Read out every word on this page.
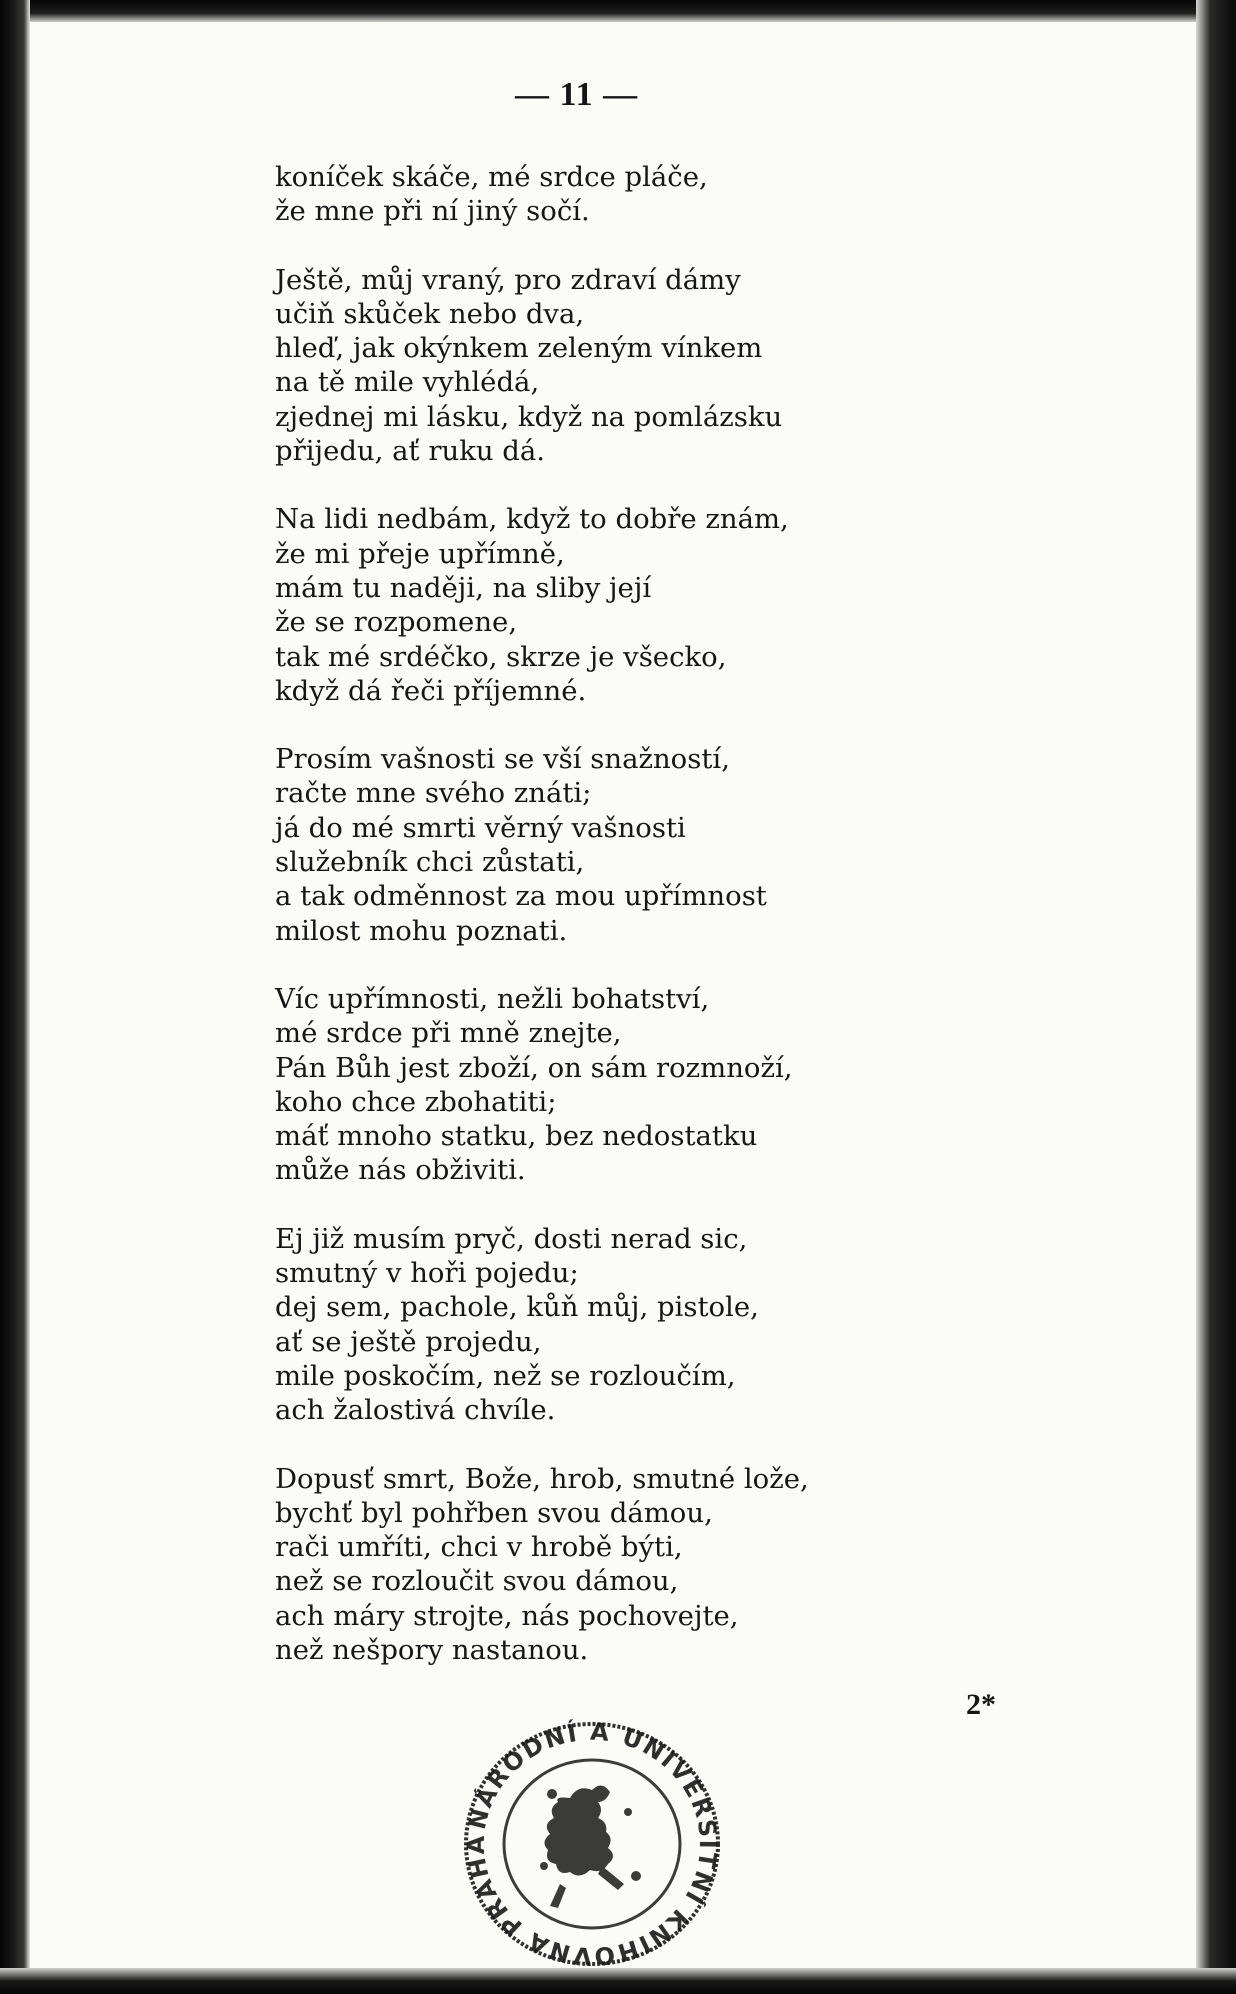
— 11 —
koníček skáče, mé srdce pláče,
že mne při ní jiný sočí.
Ještě, můj vraný, pro zdraví dámy
učiň skůček nebo dva,
hleď, jak okýnkem zeleným vínkem
na tě mile vyhlédá,
zjednej mi lásku, když na pomlázsku
přijedu, ať ruku dá.
Na lidi nedbám, když to dobře znám,
že mi přeje upřímně,
mám tu naději, na sliby její
že se rozpomene,
tak mé srdéčko, skrze je všecko,
když dá řeči příjemné.
Prosím vašnosti se vší snažností,
račte mne svého znáti;
já do mé smrti věrný vašnosti
služebník chci zůstati,
a tak odměnnost za mou upřímnost
milost mohu poznati.
Víc upřímnosti, nežli bohatství,
mé srdce při mně znejte,
Pán Bůh jest zboží, on sám rozmnoží,
koho chce zbohatiti;
máť mnoho statku, bez nedostatku
může nás obživiti.
Ej již musím pryč, dosti nerad sic,
smutný v hoři pojedu;
dej sem, pachole, kůň můj, pistole,
ať se ještě projedu,
mile poskočím, než se rozloučím,
ach žalostivá chvíle.
Dopusť smrt, Bože, hrob, smutné lože,
bychť byl pohřben svou dámou,
rači umříti, chci v hrobě býti,
než se rozloučit svou dámou,
ach máry strojte, nás pochovejte,
než nešpory nastanou.
2*
NÁRODNÍ A UNIVERSITNÍ KNIHOVNA PRAHA
